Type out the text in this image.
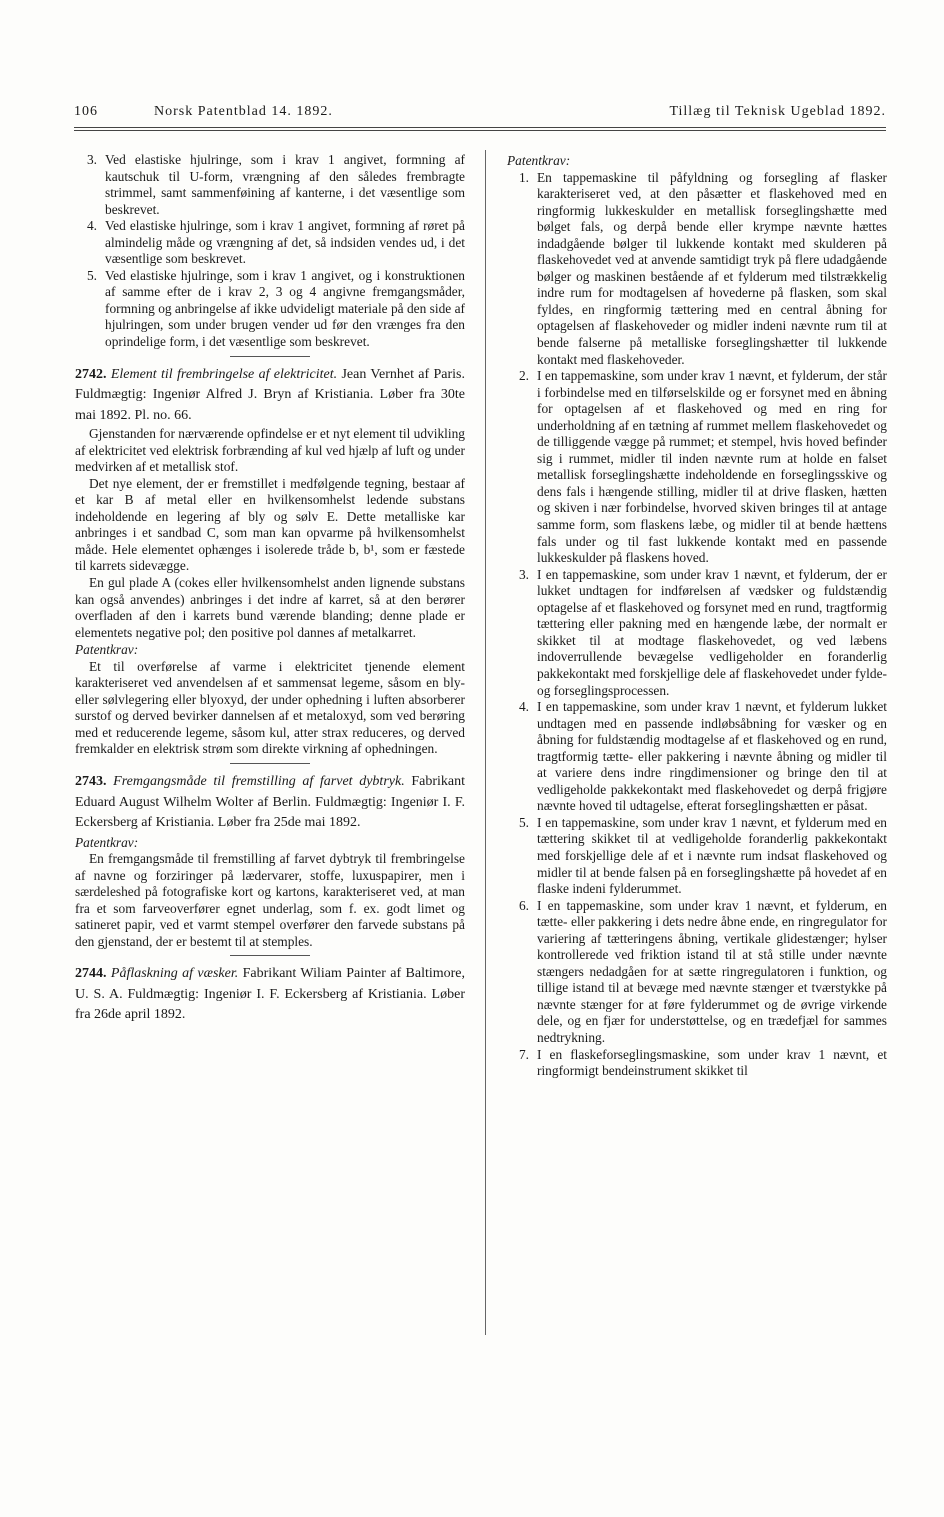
106	Norsk Patentblad 14. 1892.	Tillæg til Teknisk Ugeblad 1892.
3. Ved elastiske hjulringe, som i krav 1 angivet, formning af kautschuk til U-form, vrængning af den således frembragte strimmel, samt sammenføining af kanterne, i det væsentlige som beskrevet.
4. Ved elastiske hjulringe, som i krav 1 angivet, formning af røret på almindelig måde og vrængning af det, så indsiden vendes ud, i det væsentlige som beskrevet.
5. Ved elastiske hjulringe, som i krav 1 angivet, og i konstruktionen af samme efter de i krav 2, 3 og 4 angivne fremgangsmåder, formning og anbringelse af ikke udvideligt materiale på den side af hjulringen, som under brugen vender ud før den vrænges fra den oprindelige form, i det væsentlige som beskrevet.
2742. Element til frembringelse af elektricitet. Jean Vernhet af Paris. Fuldmægtig: Ingeniør Alfred J. Bryn af Kristiania. Løber fra 30te mai 1892. Pl. no. 66.

Gjenstanden for nærværende opfindelse er et nyt element til udvikling af elektricitet ved elektrisk forbrænding af kul ved hjælp af luft og under medvirken af et metallisk stof.

Det nye element, der er fremstillet i medfølgende tegning, bestaar af et kar B af metal eller en hvilkensomhelst ledende substans indeholdende en legering af bly og sølv E. Dette metalliske kar anbringes i et sandbad C, som man kan opvarme på hvilkensomhelst måde. Hele elementet ophænges i isolerede tråde b, b¹, som er fæstede til karrets sidevægge.

En gul plade A (cokes eller hvilkensomhelst anden lignende substans kan også anvendes) anbringes i det indre af karret, så at den berører overfladen af den i karrets bund værende blanding; denne plade er elementets negative pol; den positive pol dannes af metalkarret.

Patentkrav:

Et til overførelse af varme i elektricitet tjenende element karakteriseret ved anvendelsen af et sammensat legeme, såsom en bly- eller sølvlegering eller blyoxyd, der under ophedning i luften absorberer surstof og derved bevirker dannelsen af et metaloxyd, som ved berøring med et reducerende legeme, såsom kul, atter strax reduceres, og derved fremkalder en elektrisk strøm som direkte virkning af ophedningen.

2743. Fremgangsmåde til fremstilling af farvet dybtryk. Fabrikant Eduard August Wilhelm Wolter af Berlin. Fuldmægtig: Ingeniør I. F. Eckersberg af Kristiania. Løber fra 25de mai 1892.

Patentkrav:

En fremgangsmåde til fremstilling af farvet dybtryk til frembringelse af navne og forziringer på lædervarer, stoffe, luxuspapirer, men i særdeleshed på fotografiske kort og kartons, karakteriseret ved, at man fra et som farveoverfører egnet underlag, som f. ex. godt limet og satineret papir, ved et varmt stempel overfører den farvede substans på den gjenstand, der er bestemt til at stemples.

2744. Påflaskning af væsker. Fabrikant Wiliam Painter af Baltimore, U. S. A. Fuldmægtig: Ingeniør I. F. Eckersberg af Kristiania. Løber fra 26de april 1892.

Patentkrav:

1. En tappemaskine til påfyldning og forsegling af flasker karakteriseret ved, at den påsætter et flaskehoved med en ringformig lukkeskulder en metallisk forseglingshætte med bølget fals, og derpå bende eller krympe nævnte hættes indadgående bølger til lukkende kontakt med skulderen på flaskehovedet ved at anvende samtidigt tryk på flere udadgående bølger og maskinen bestående af et fylderum med tilstrækkelig indre rum for modtagelsen af hovederne på flasken, som skal fyldes, en ringformig tættering med en central åbning for optagelsen af flaskehoveder og midler indeni nævnte rum til at bende falserne på metalliske forseglingshætter til lukkende kontakt med flaskehoveder.
2. I en tappemaskine, som under krav 1 nævnt, et fylderum, der står i forbindelse med en tilførselskilde og er forsynet med en åbning for optagelsen af et flaskehoved og med en ring for underholdning af en tætning af rummet mellem flaskehovedet og de tilliggende vægge på rummet; et stempel, hvis hoved befinder sig i rummet, midler til inden nævnte rum at holde en falset metallisk forseglingshætte indeholdende en forseglingsskive og dens fals i hængende stilling, midler til at drive flasken, hætten og skiven i nær forbindelse, hvorved skiven bringes til at antage samme form, som flaskens læbe, og midler til at bende hættens fals under og til fast lukkende kontakt med en passende lukkeskulder på flaskens hoved.
3. I en tappemaskine, som under krav 1 nævnt, et fylderum, der er lukket undtagen for indførelsen af vædsker og fuldstændig optagelse af et flaskehoved og forsynet med en rund, tragtformig tættering eller pakning med en hængende læbe, der normalt er skikket til at modtage flaskehovedet, og ved læbens indoverrullende bevægelse vedligeholder en foranderlig pakkekontakt med forskjellige dele af flaskehovedet under fylde- og forseglingsprocessen.
4. I en tappemaskine, som under krav 1 nævnt, et fylderum lukket undtagen med en passende indløbsåbning for væsker og en åbning for fuldstændig modtagelse af et flaskehoved og en rund, tragtformig tætte- eller pakkering i nævnte åbning og midler til at variere dens indre ringdimensioner og bringe den til at vedligeholde pakkekontakt med flaskehovedet og derpå frigjøre nævnte hoved til udtagelse, efterat forseglingshætten er påsat.
5. I en tappemaskine, som under krav 1 nævnt, et fylderum med en tættering skikket til at vedligeholde foranderlig pakkekontakt med forskjellige dele af et i nævnte rum indsat flaskehoved og midler til at bende falsen på en forseglingshætte på hovedet af en flaske indeni fylderummet.
6. I en tappemaskine, som under krav 1 nævnt, et fylderum, en tætte- eller pakkering i dets nedre åbne ende, en ringregulator for variering af tætteringens åbning, vertikale glidestænger; hylser kontrollerede ved friktion istand til at stå stille under nævnte stængers nedadgåen for at sætte ringregulatoren i funktion, og tillige istand til at bevæge med nævnte stænger et tværstykke på nævnte stænger for at føre fylderummet og de øvrige virkende dele, og en fjær for understøttelse, og en trædefjæl for sammes nedtrykning.
7. I en flaskeforseglingsmaskine, som under krav 1 nævnt, et ringformigt bendeinstrument skikket til
